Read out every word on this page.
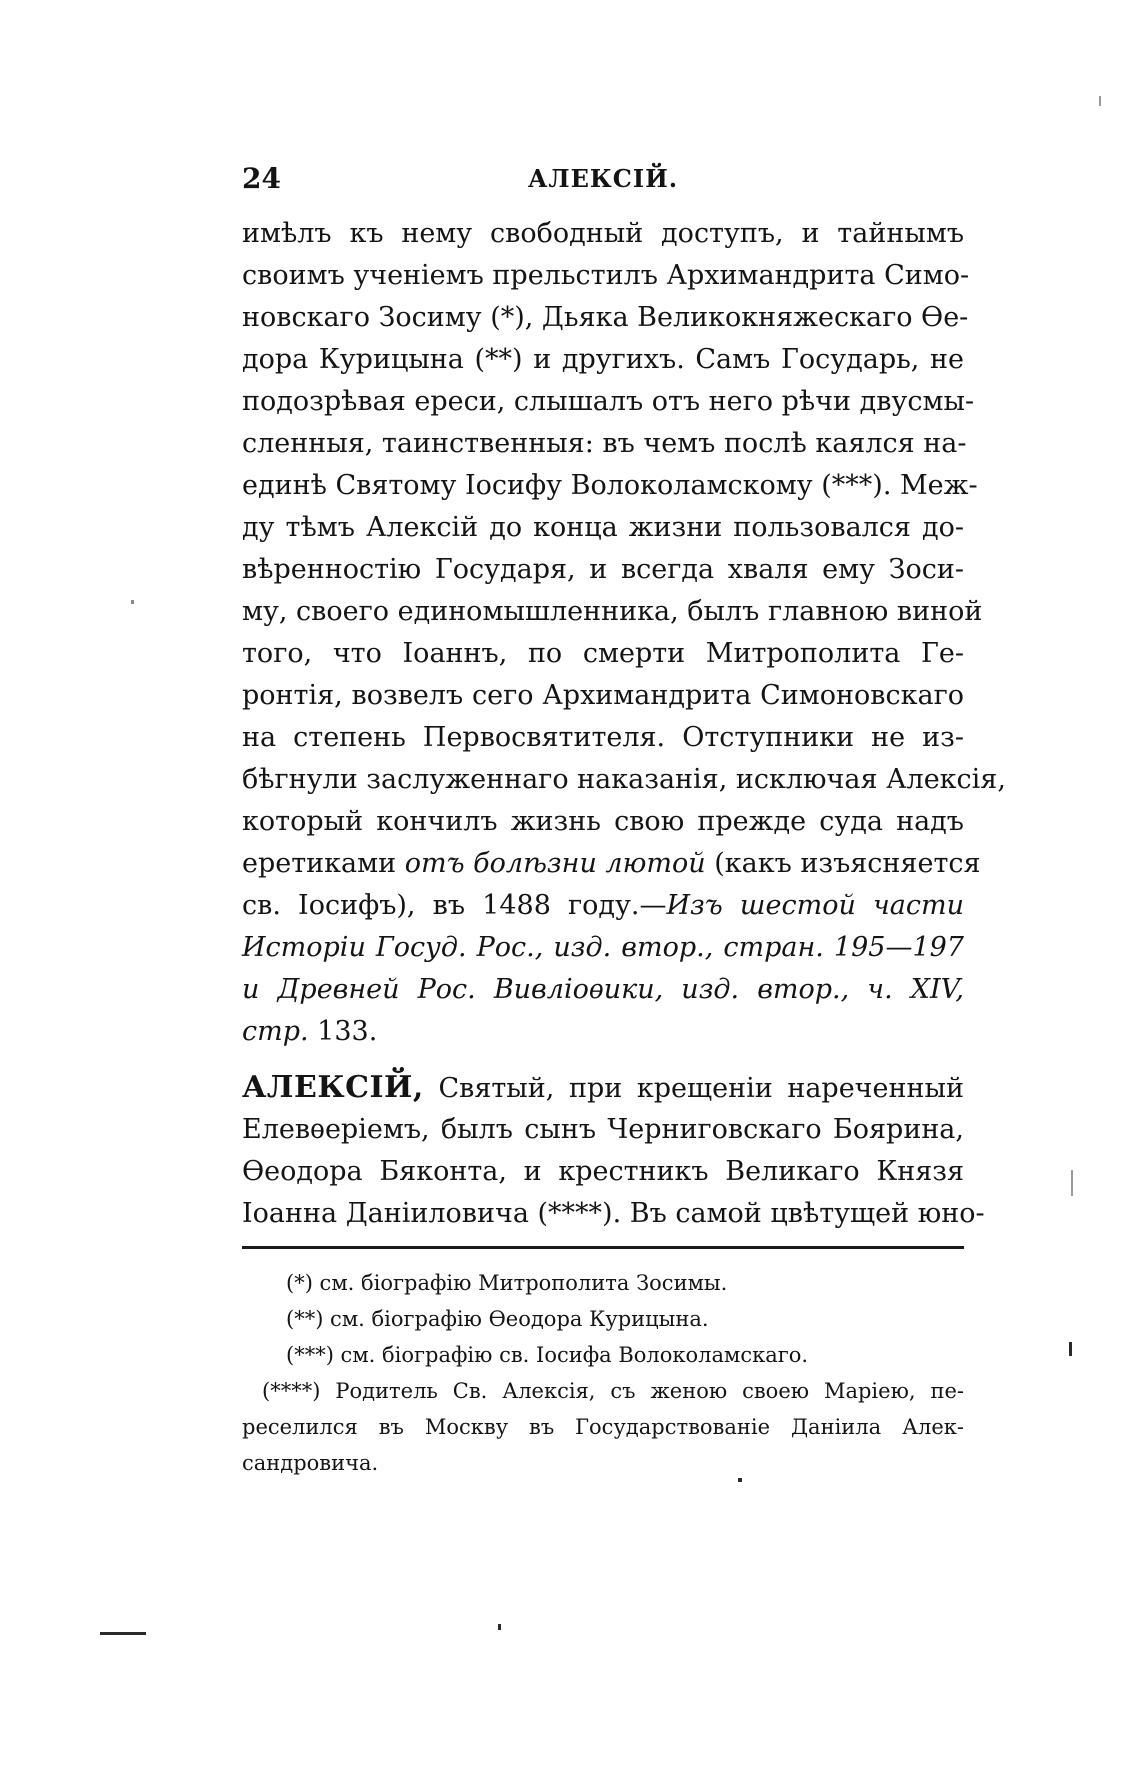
24	АЛЕКСІЙ.
имѣлъ къ нему свободный доступъ, и тайнымъ
своимъ ученіемъ прельстилъ Архимандрита Симо-
новскаго Зосиму (*), Дьяка Великокняжескаго Ѳе-
дора Курицына (**) и другихъ. Самъ Государь, не
подозрѣвая ереси, слышалъ отъ него рѣчи двусмы-
сленныя, таинственныя: въ чемъ послѣ каялся на-
единѣ Святому Іосифу Волоколамскому (***). Меж-
ду тѣмъ Алексій до конца жизни пользовался до-
вѣренностію Государя, и всегда хваля ему Зоси-
му, своего единомышленника, былъ главною виной
того, что Іоаннъ, по смерти Митрополита Ге-
ронтія, возвелъ сего Архимандрита Симоновскаго
на степень Первосвятителя. Отступники не из-
бѣгнули заслуженнаго наказанія, исключая Алексія,
который кончилъ жизнь свою прежде суда надъ
еретиками отъ болѣзни лютой (какъ изъясняется
св. Іосифъ), въ 1488 году.—Изъ шестой части
Исторіи Госуд. Рос., изд. втор., стран. 195—197
и Древней Рос. Вивліоѳики, изд. втор., ч. XIV,
стр. 133.
АЛЕКСІЙ, Святый, при крещеніи нареченный
Елевѳеріемъ, былъ сынъ Черниговскаго Боярина,
Ѳеодора Бяконта, и крестникъ Великаго Князя
Іоанна Даніиловича (****). Въ самой цвѣтущей юно-
(*) см. біографію Митрополита Зосимы.
(**) см. біографію Ѳеодора Курицына.
(***) см. біографію св. Іосифа Волоколамскаго.
(****) Родитель Св. Алексія, съ женою своею Маріею, пе-
реселился въ Москву въ Государствованіе Даніила Алек-
сандровича.
